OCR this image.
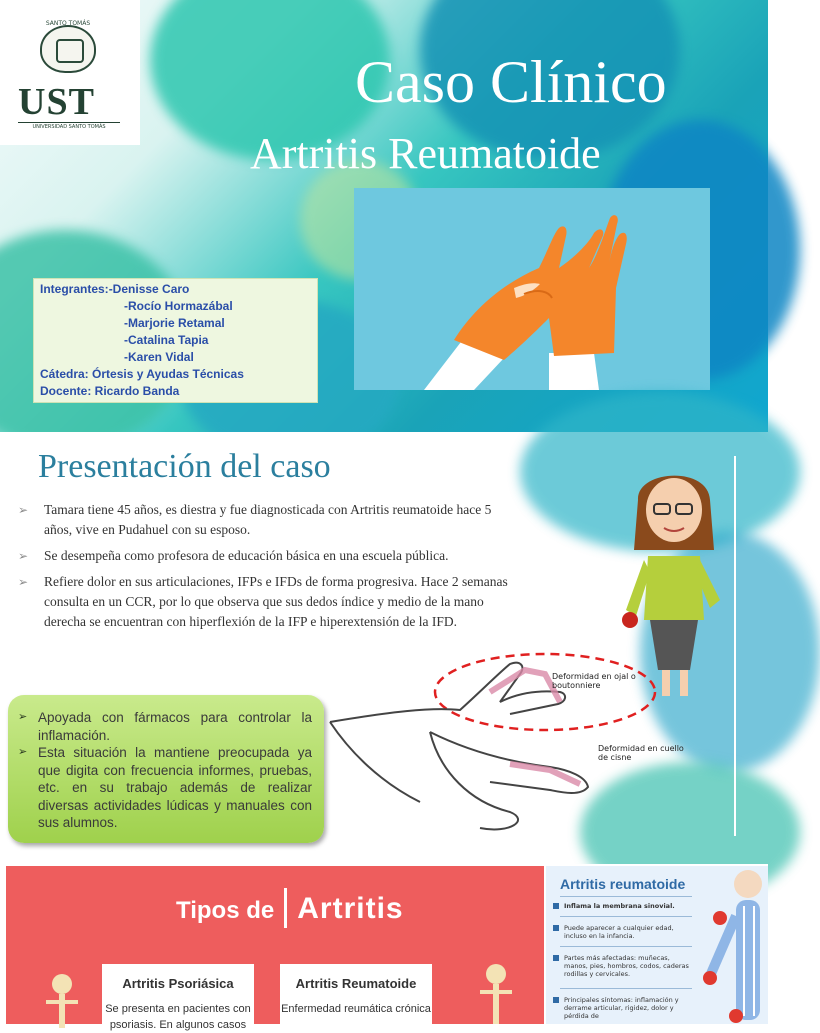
SANTO TOMÁS
UST
UNIVERSIDAD SANTO TOMÁS
Caso Clínico
Artritis Reumatoide
Integrantes:-Denisse Caro
-Rocío Hormazábal
-Marjorie Retamal
-Catalina Tapia
-Karen Vidal
Cátedra: Órtesis y Ayudas Técnicas
Docente: Ricardo Banda
Presentación del caso
➢ Tamara tiene 45 años, es diestra y fue diagnosticada con Artritis reumatoide hace 5 años, vive en Pudahuel con su esposo.
➢ Se desempeña como profesora de educación básica en una escuela pública.
➢ Refiere dolor en sus articulaciones, IFPs e IFDs de forma progresiva. Hace 2 semanas consulta en un CCR, por lo que observa que sus dedos índice y medio de la mano derecha se encuentran con hiperflexión de la IFP e hiperextensión de la IFD.
Deformidad en ojal o boutonniere
Deformidad en cuello de cisne
➢ Apoyada con fármacos para controlar la inflamación.
➢ Esta situación la mantiene preocupada ya que digita con frecuencia informes, pruebas, etc. en su trabajo además de realizar diversas actividades lúdicas y manuales con sus alumnos.
Tipos de Artritis
Artritis Psoriásica

Se presenta en pacientes con psoriasis. En algunos casos

Artritis Reumatoide

Enfermedad reumática crónica

Artritis reumatoide
Inflama la membrana sinovial.
Puede aparecer a cualquier edad, incluso en la infancia.
Partes más afectadas: muñecas, manos, pies, hombros, codos, caderas rodillas y cervicales.
Principales síntomas: inflamación y derrame articular, rigidez, dolor y pérdida de
